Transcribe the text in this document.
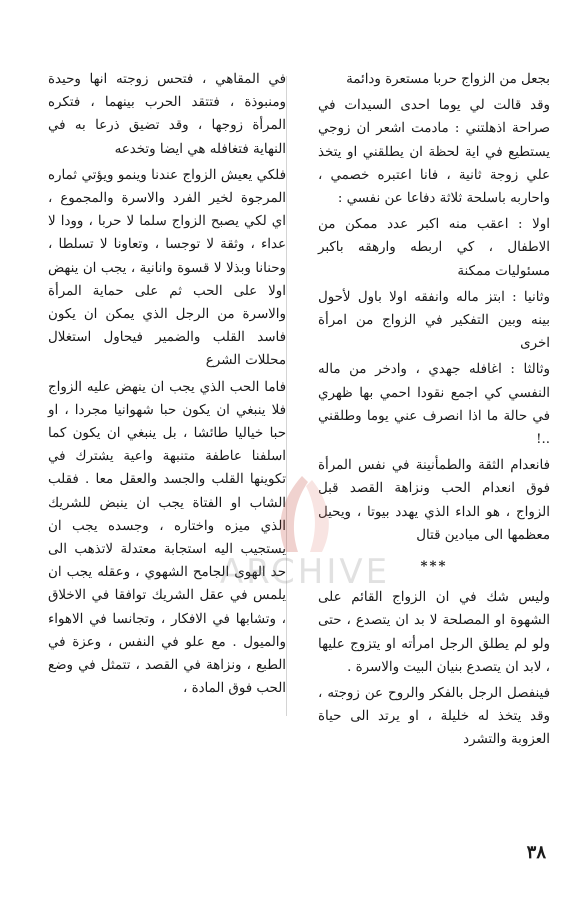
بجعل من الزواج حربا مستعرة ودائمة

وقد قالت لي يوما احدى السيدات في صراحة اذهلتني : مادمت اشعر ان زوجي يستطيع في اية لحظة ان يطلقني او يتخذ علي زوجة ثانية ، فانا اعتبره خصمي ، واحاربه باسلحة ثلاثة دفاعا عن نفسي :

اولا : اعقب منه اكبر عدد ممكن من الاطفال ، كي اربطه وارهقه باكبر مسئوليات ممكنة

وثانيا : ابتز ماله وانفقه اولا باول لأحول بينه وبين التفكير في الزواج من امرأة اخرى

وثالثا : اغافله جهدي ، وادخر من ماله النفسي كي اجمع نقودا احمي بها ظهري في حالة ما اذا انصرف عني يوما وطلقني ..!

فانعدام الثقة والطمأنينة في نفس المرأة فوق انعدام الحب ونزاهة القصد قبل الزواج ، هو الداء الذي يهدد بيوتا ، ويحيل معظمها الى ميادين قتال

***

وليس شك في ان الزواج القائم على الشهوة او المصلحة لا بد ان يتصدع ، حتى ولو لم يطلق الرجل امرأته او يتزوج عليها ، لابد ان يتصدع بنيان البيت والاسرة .

فينفصل الرجل بالفكر والروح عن زوجته ، وقد يتخذ له خليلة ، او يرتد الى حياة العزوبة والتشرد

في المقاهي ، فتحس زوجته انها وحيدة ومنبوذة ، فتتقد الحرب بينهما ، فتكره المرأة زوجها ، وقد تضيق ذرعا به في النهاية فتغافله هي ايضا وتخدعه

فلكي يعيش الزواج عندنا وينمو ويؤتي ثماره المرجوة لخير الفرد والاسرة والمجموع ، اي لكي يصبح الزواج سلما لا حربا ، وودا لا عداء ، وثقة لا توجسا ، وتعاونا لا تسلطا ، وحنانا وبذلا لا قسوة وانانية ، يجب ان ينهض اولا على الحب ثم على حماية المرأة والاسرة من الرجل الذي يمكن ان يكون فاسد القلب والضمير فيحاول استغلال محللات الشرع

فاما الحب الذي يجب ان ينهض عليه الزواج فلا ينبغي ان يكون حبا شهوانيا مجردا ، او حبا خياليا طائشا ، بل ينبغي ان يكون كما اسلفنا عاطفة متنبهة واعية يشترك في تكوينها القلب والجسد والعقل معا . فقلب الشاب او الفتاة يجب ان ينبض للشريك الذي ميزه واختاره ، وجسده يجب ان يستجيب اليه استجابة معتدلة لاتذهب الى حد الهوى الجامح الشهوي ، وعقله يجب ان يلمس في عقل الشريك توافقا في الاخلاق ، وتشابها في الافكار ، وتجانسا في الاهواء والميول . مع علو في النفس ، وعزة في الطبع ، ونزاهة في القصد ، تتمثل في وضع الحب فوق المادة ،

٣٨
ARCHIVE
